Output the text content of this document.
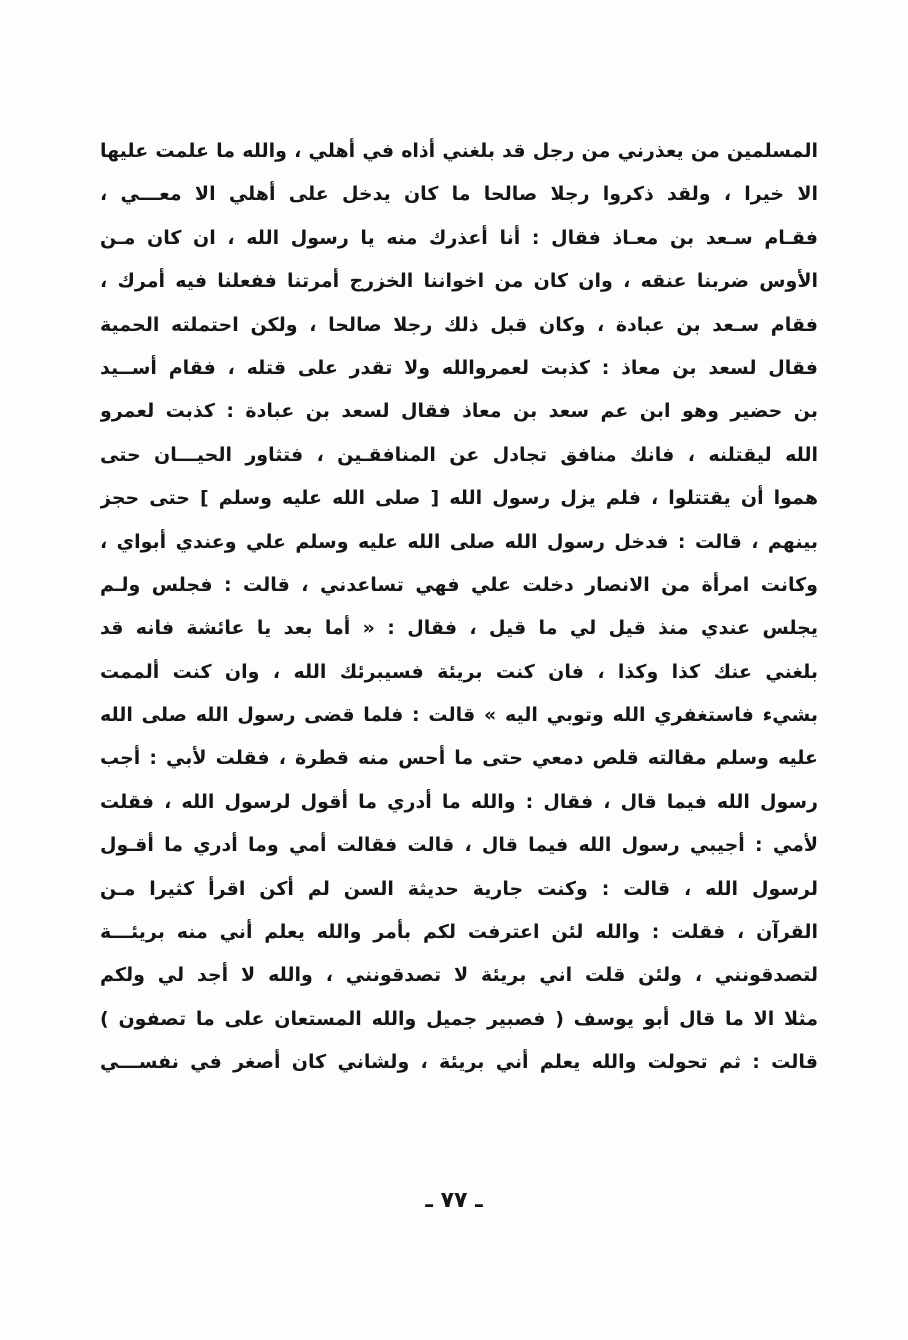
المسلمين من يعذرني من رجل قد بلغني أذاه في أهلي ، والله ما علمت عليها
الا خيرا ، ولقد ذكروا رجلا صالحا ما كان يدخل على أهلي الا معـــي ،
فقـام سـعد بن معـاذ فقال : أنا أعذرك منه يا رسول الله ، ان كان مـن
الأوس ضربنا عنقه ، وان كان من اخواننا الخزرج أمرتنا ففعلنا فيه أمرك ،
فقام سـعد بن عبادة ، وكان قبل ذلك رجلا صالحا ، ولكن احتملته الحمية
فقال لسعد بن معاذ : كذبت لعمروالله ولا تقدر على قتله ، فقام أســيد
بن حضير وهو ابن عم سعد بن معاذ فقال لسعد بن عبادة : كذبت لعمرو
الله ليقتلنه ، فانك منافق تجادل عن المنافقـين ، فتثاور الحيـــان حتى
هموا أن يقتتلوا ، فلم يزل رسول الله [ صلى الله عليه وسلم ] حتى حجز
بينهم ، قالت : فدخل رسول الله صلى الله عليه وسلم علي وعندي أبواي ،
وكانت امرأة من الانصار دخلت علي فهي تساعدني ، قالت : فجلس ولـم
يجلس عندي منذ قيل لي ما قيل ، فقال : « أما بعد يا عائشة فانه قد
بلغني عنك كذا وكذا ، فان كنت بريئة فسيبرئك الله ، وان كنت ألممت
بشيء فاستغفري الله وتوبي اليه » قالت : فلما قضى رسول الله صلى الله
عليه وسلم مقالته قلص دمعي حتى ما أحس منه قطرة ، فقلت لأبي : أجب
رسول الله فيما قال ، فقال : والله ما أدري ما أقول لرسول الله ، فقلت
لأمي : أجيبي رسول الله فيما قال ، قالت فقالت أمي وما أدري ما أقـول
لرسول الله ، قالت : وكنت جارية حديثة السن لم أكن اقرأ كثيرا مـن
القرآن ، فقلت : والله لئن اعترفت لكم بأمر والله يعلم أني منه بريئـــة
لتصدقونني ، ولئن قلت اني بريئة لا تصدقونني ، والله لا أجد لي ولكم
مثلا الا ما قال أبو يوسف ( فصبير جميل والله المستعان على ما تصفون )
قالت : ثم تحولت والله يعلم أني بريئة ، ولشاني كان أصغر في نفســـي
ـ ٧٧ ـ
